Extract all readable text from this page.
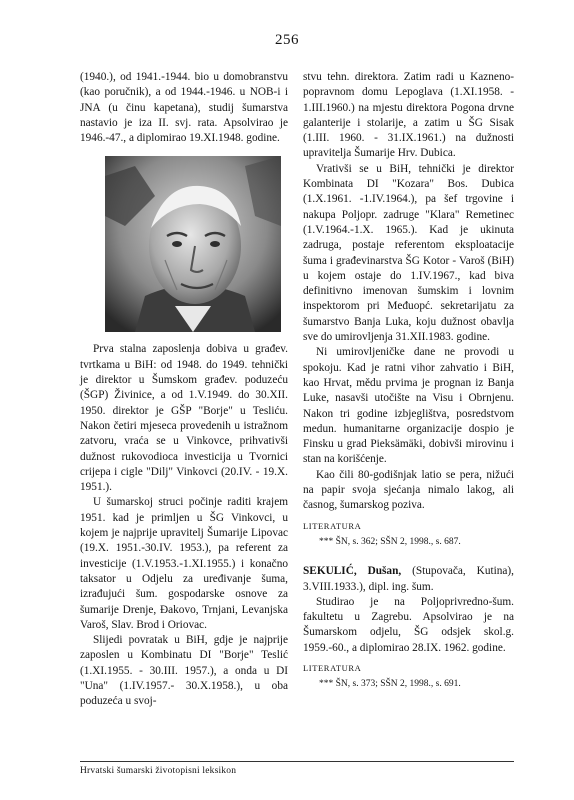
256

(1940.), od 1941.-1944. bio u domobranstvu (kao poručnik), a od 1944.-1946. u NOB-i i JNA (u činu kapetana), studij šumarstva nastavio je iza II. svj. rata. Apsolvirao je 1946.-47., a diplomirao 19.XI.1948. godine.

Prva stalna zaposlenja dobiva u građev. tvrtkama u BiH: od 1948. do 1949. tehnički je direktor u Šumskom građev. poduzeću (ŠGP) Živinice, a od 1.V.1949. do 30.XII. 1950. direktor je GŠP "Borje" u Tesliću. Nakon četiri mjeseca provedenih u istražnom zatvoru, vraća se u Vinkovce, prihvativši dužnost rukovodioca investicija u Tvornici crijepa i cigle "Dilj" Vinkovci (20.IV. - 19.X. 1951.).

U šumarskoj struci počinje raditi krajem 1951. kad je primljen u ŠG Vinkovci, u kojem je najprije upravitelj Šumarije Lipovac (19.X. 1951.-30.IV. 1953.), pa referent za investicije (1.V.1953.-1.XI.1955.) i konačno taksator u Odjelu za uređivanje šuma, izrađujući šum. gospodarske osnove za šumarije Drenje, Đakovo, Trnjani, Levanjska Varoš, Slav. Brod i Oriovac.

Slijedi povratak u BiH, gdje je najprije zaposlen u Kombinatu DI "Borje" Teslić (1.XI.1955. - 30.III. 1957.), a onda u DI "Una" (1.IV.1957.- 30.X.1958.), u oba poduzeća u svoj-

stvu tehn. direktora. Zatim radi u Kazneno-popravnom domu Lepoglava (1.XI.1958. - 1.III.1960.) na mjestu direktora Pogona drvne galanterije i stolarije, a zatim u ŠG Sisak (1.III. 1960. - 31.IX.1961.) na dužnosti upravitelja Šumarije Hrv. Dubica.

Vrativši se u BiH, tehnički je direktor Kombinata DI "Kozara" Bos. Dubica (1.X.1961. -1.IV.1964.), pa šef trgovine i nakupa Poljopr. zadruge "Klara" Remetinec (1.V.1964.-1.X. 1965.). Kad je ukinuta zadruga, postaje referentom eksploatacije šuma i građevinarstva ŠG Kotor - Varoš (BiH) u kojem ostaje do 1.IV.1967., kad biva definitivno imenovan šumskim i lovnim inspektorom pri Međuopć. sekretarijatu za šumarstvo Banja Luka, koju dužnost obavlja sve do umirovljenja 31.XII.1983. godine.

Ni umirovljeničke dane ne provodi u spokoju. Kad je ratni vihor zahvatio i BiH, kao Hrvat, mědu prvima je prognan iz Banja Luke, nasavši utočište na Visu i Obrnjenu. Nakon tri godine izbjeglištva, posredstvom medun. humanitarne organizacije dospio je Finsku u grad Pieksämäki, dobivši mirovinu i stan na korišćenje.

Kao čili 80-godišnjak latio se pera, nižući na papir svoja sjećanja nimalo lakog, ali časnog, šumarskog poziva.

LITERATURA
*** ŠN, s. 362; SŠN 2, 1998., s. 687.

SEKULIĆ, Dušan, (Stupovača, Kutina), 3.VIII.1933.), dipl. ing. šum.

Studirao je na Poljoprivredno-šum. fakultetu u Zagrebu. Apsolvirao je na Šumarskom odjelu, ŠG odsjek skol.g. 1959.-60., a diplomirao 28.IX. 1962. godine.

LITERATURA
*** ŠN, s. 373; SŠN 2, 1998., s. 691.
Hrvatski šumarski životopisni leksikon
